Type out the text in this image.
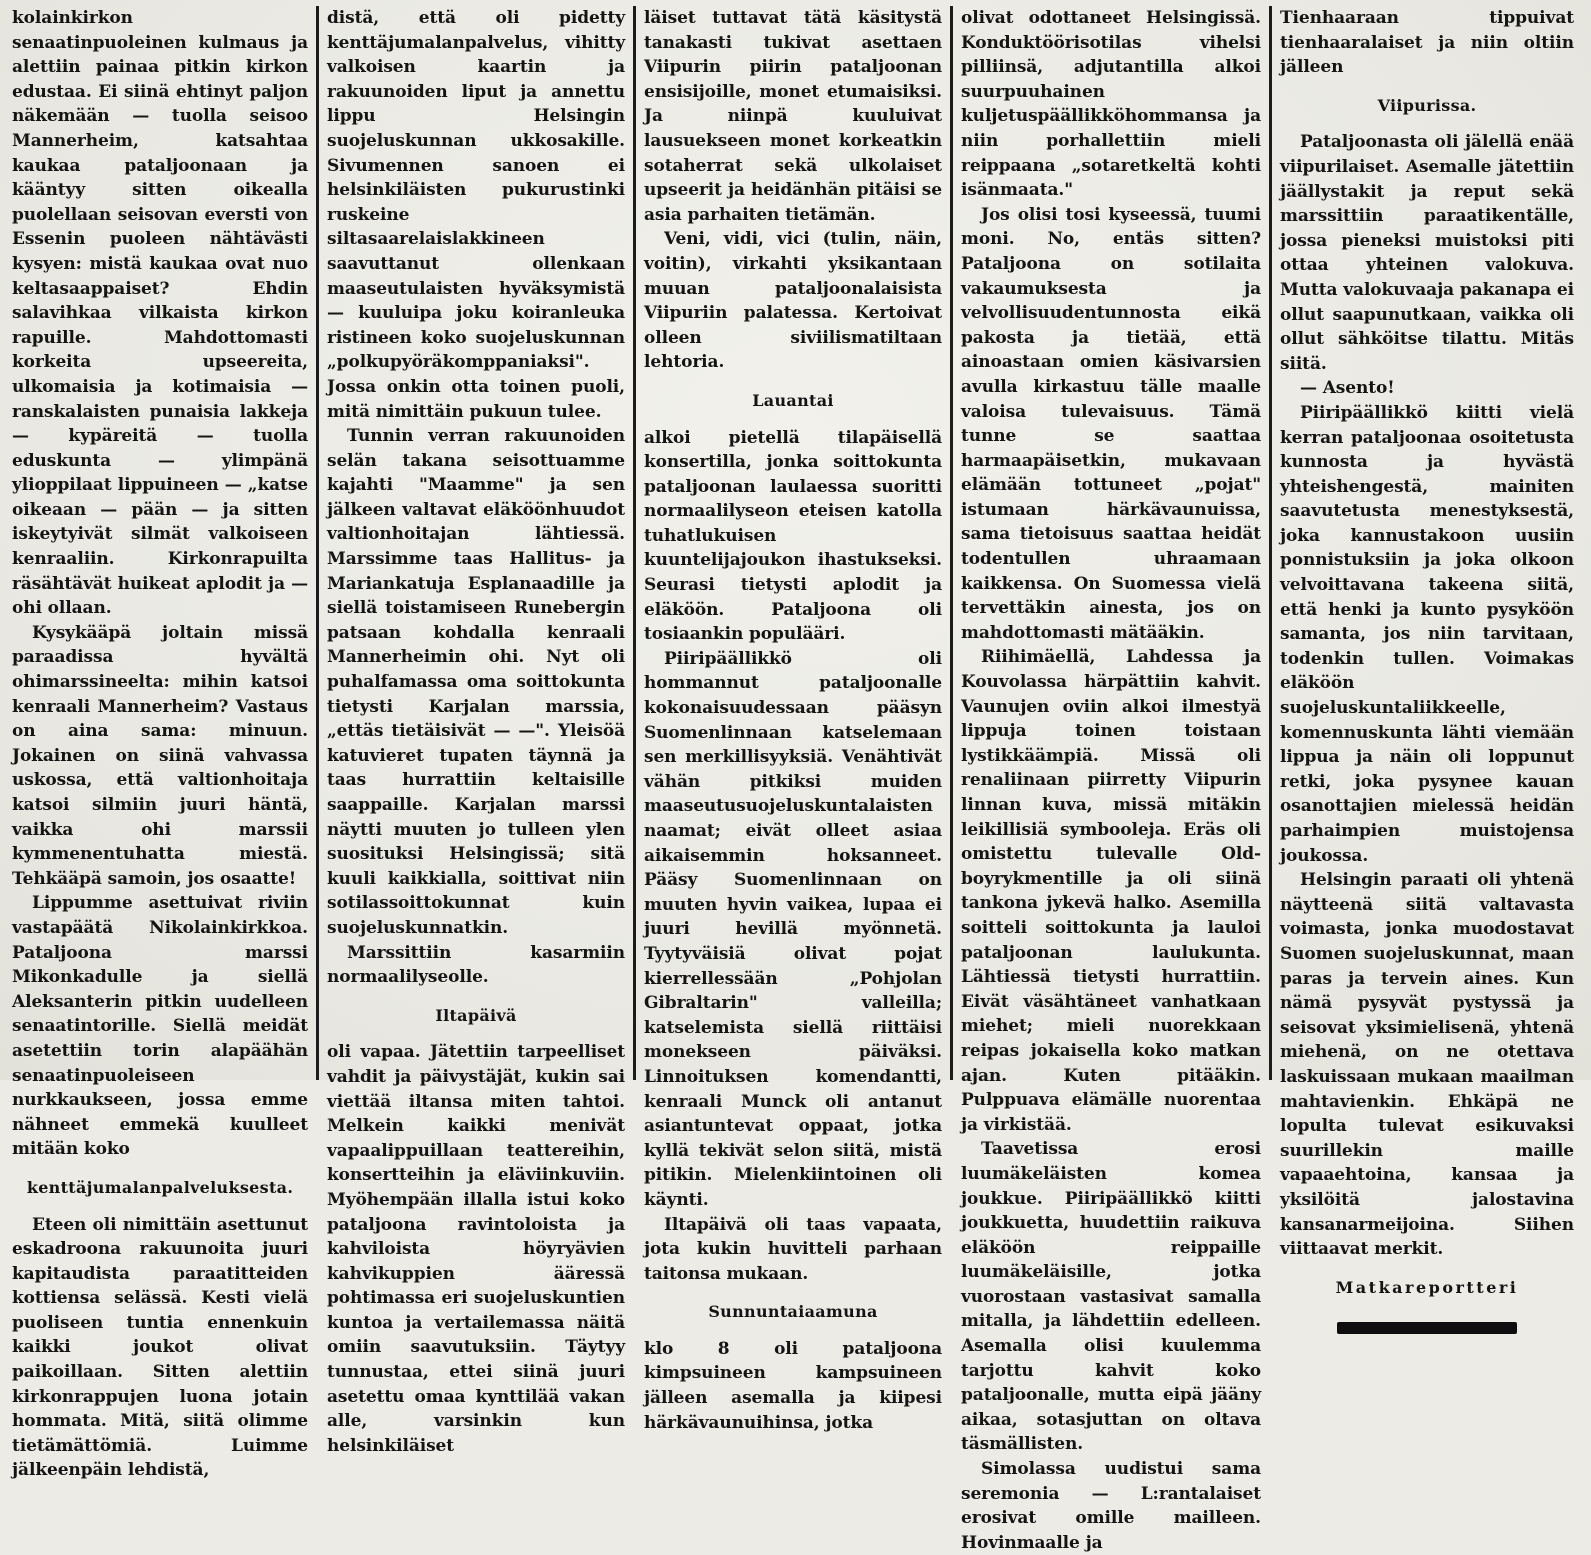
kolainkirkon senaatinpuoleinen kulmaus ja alettiin painaa pitkin kirkon edustaa. Ei siinä ehtinyt paljon näkemään — tuolla seisoo Mannerheim, katsahtaa kaukaa pataljoonaan ja kääntyy sitten oikealla puolellaan seisovan eversti von Essenin puoleen nähtävästi kysyen: mistä kaukaa ovat nuo keltasaappaiset? Ehdin salavihkaa vilkaista kirkon rapuille. Mahdottomasti korkeita upseereita, ulkomaisia ja kotimaisia — ranskalaisten punaisia lakkeja — kypäreitä — tuolla eduskunta — ylimpänä ylioppilaat lippuineen — „katse oikeaan — pään — ja sitten iskeytyivät silmät valkoiseen kenraaliin. Kirkonrapuilta räsähtävät huikeat aplodit ja — ohi ollaan.

Kysykääpä joltain missä paraadissa hyvältä ohimarssineelta: mihin katsoi kenraali Mannerheim? Vastaus on aina sama: minuun. Jokainen on siinä vahvassa uskossa, että valtionhoitaja katsoi silmiin juuri häntä, vaikka ohi marssii kymmenentuhatta miestä. Tehkääpä samoin, jos osaatte!

Lippumme asettuivat riviin vastapäätä Nikolainkirkkoa. Pataljoona marssi Mikonkadulle ja siellä Aleksanterin pitkin uudelleen senaatintorille. Siellä meidät asetettiin torin alapäähän senaatinpuoleiseen nurkkaukseen, jossa emme nähneet emmekä kuulleet mitään koko

kenttäjumalanpalveluksesta.

Eteen oli nimittäin asettunut eskadroona rakuunoita juuri kapitaudista paraatitteiden kottiensa selässä. Kesti vielä puoliseen tuntia ennenkuin kaikki joukot olivat paikoillaan. Sitten alettiin kirkonrappujen luona jotain hommata. Mitä, siitä olimme tietämättömiä. Luimme jälkeenpäin lehdistä,

distä, että oli pidetty kenttäjumalanpalvelus, vihitty valkoisen kaartin ja rakuunoiden liput ja annettu lippu Helsingin suojeluskunnan ukkosakille. Sivumennen sanoen ei helsinkiläisten pukurustinki ruskeine siltasaarelaislakkineen saavuttanut ollenkaan maaseutulaisten hyväksymistä — kuuluipa joku koiranleuka ristineen koko suojeluskunnan „polkupyöräkomppaniaksi". Jossa onkin otta toinen puoli, mitä nimittäin pukuun tulee.

Tunnin verran rakuunoiden selän takana seisottuamme kajahti "Maamme" ja sen jälkeen valtavat eläköönhuudot valtionhoitajan lähtiessä. Marssimme taas Hallitus- ja Mariankatuja Esplanaadille ja siellä toistamiseen Runebergin patsaan kohdalla kenraali Mannerheimin ohi. Nyt oli puhalfamassa oma soittokunta tietysti Karjalan marssia, „ettäs tietäisivät — —". Yleisöä katuvieret tupaten täynnä ja taas hurrattiin keltaisille saappaille. Karjalan marssi näytti muuten jo tulleen ylen suosituksi Helsingissä; sitä kuuli kaikkialla, soittivat niin sotilassoittokunnat kuin suojeluskunnatkin.

Marssittiin kasarmiin normaalilyseolle.

Iltapäivä

oli vapaa. Jätettiin tarpeelliset vahdit ja päivystäjät, kukin sai viettää iltansa miten tahtoi. Melkein kaikki menivät vapaalippuillaan teattereihin, konsertteihin ja eläviinkuviin. Myöhempään illalla istui koko pataljoona ravintoloista ja kahviloista höyryävien kahvikuppien ääressä pohtimassa eri suojeluskuntien kuntoa ja vertailemassa näitä omiin saavutuksiin. Täytyy tunnustaa, ettei siinä juuri asetettu omaa kynttilää vakan alle, varsinkin kun helsinkiläiset

läiset tuttavat tätä käsitystä tanakasti tukivat asettaen Viipurin piirin pataljoonan ensisijoille, monet etumaisiksi. Ja niinpä kuuluivat lausuekseen monet korkeatkin sotaherrat sekä ulkolaiset upseerit ja heidänhän pitäisi se asia parhaiten tietämän.

Veni, vidi, vici (tulin, näin, voitin), virkahti yksikantaan muuan pataljoonalaisista Viipuriin palatessa. Kertoivat olleen siviilismatiltaan lehtoria.

Lauantai

alkoi pietellä tilapäisellä konsertilla, jonka soittokunta pataljoonan laulaessa suoritti normaalilyseon eteisen katolla tuhatlukuisen kuuntelijajoukon ihastukseksi. Seurasi tietysti aplodit ja eläköön. Pataljoona oli tosiaankin populääri.

Piiripäällikkö oli hommannut pataljoonalle kokonaisuudessaan pääsyn Suomenlinnaan katselemaan sen merkillisyyksiä. Venähtivät vähän pitkiksi muiden maaseutusuojeluskuntalaisten naamat; eivät olleet asiaa aikaisemmin hoksanneet. Pääsy Suomenlinnaan on muuten hyvin vaikea, lupaa ei juuri hevillä myönnetä. Tyytyväisiä olivat pojat kierrellessään „Pohjolan Gibraltarin" valleilla; katselemista siellä riittäisi monekseen päiväksi. Linnoituksen komendantti, kenraali Munck oli antanut asiantuntevat oppaat, jotka kyllä tekivät selon siitä, mistä pitikin. Mielenkiintoinen oli käynti.

Iltapäivä oli taas vapaata, jota kukin huvitteli parhaan taitonsa mukaan.

Sunnuntaiaamuna

klo 8 oli pataljoona kimpsuineen kampsuineen jälleen asemalla ja kiipesi härkävaunuihinsa, jotka

olivat odottaneet Helsingissä. Konduktöörisotilas vihelsi pilliinsä, adjutantilla alkoi suurpuuhainen kuljetuspäällikköhommansa ja niin porhallettiin mieli reippaana „sotaretkeltä kohti isänmaata."

Jos olisi tosi kyseessä, tuumi moni. No, entäs sitten? Pataljoona on sotilaita vakaumuksesta ja velvollisuudentunnosta eikä pakosta ja tietää, että ainoastaan omien käsivarsien avulla kirkastuu tälle maalle valoisa tulevaisuus. Tämä tunne se saattaa harmaapäisetkin, mukavaan elämään tottuneet „pojat" istumaan härkävaunuissa, sama tietoisuus saattaa heidät todentullen uhraamaan kaikkensa. On Suomessa vielä tervettäkin ainesta, jos on mahdottomasti mätääkin.

Riihimäellä, Lahdessa ja Kouvolassa härpättiin kahvit. Vaunujen oviin alkoi ilmestyä lippuja toinen toistaan lystikkäämpiä. Missä oli renaliinaan piirretty Viipurin linnan kuva, missä mitäkin leikillisiä symbooleja. Eräs oli omistettu tulevalle Old-boyrykmentille ja oli siinä tankona jykevä halko. Asemilla soitteli soittokunta ja lauloi pataljoonan laulukunta. Lähtiessä tietysti hurrattiin. Eivät väsähtäneet vanhatkaan miehet; mieli nuorekkaan reipas jokaisella koko matkan ajan. Kuten pitääkin. Pulppuava elämälle nuorentaa ja virkistää.

Taavetissa erosi luumäkeläisten komea joukkue. Piiripäällikkö kiitti joukkuetta, huudettiin raikuva eläköön reippaille luumäkeläisille, jotka vuorostaan vastasivat samalla mitalla, ja lähdettiin edelleen. Asemalla olisi kuulemma tarjottu kahvit koko pataljoonalle, mutta eipä jääny aikaa, sotasjuttan on oltava täsmällisten.

Simolassa uudistui sama seremonia — L:rantalaiset erosivat omille mailleen. Hovinmaalle ja

Tienhaaraan tippuivat tienhaaralaiset ja niin oltiin jälleen

Viipurissa.

Pataljoonasta oli jälellä enää viipurilaiset. Asemalle jätettiin jäällystakit ja reput sekä marssittiin paraatikentälle, jossa pieneksi muistoksi piti ottaa yhteinen valokuva. Mutta valokuvaaja pakanapa ei ollut saapunutkaan, vaikka oli ollut sähköitse tilattu. Mitäs siitä.

— Asento!

Piiripäällikkö kiitti vielä kerran pataljoonaa osoitetusta kunnosta ja hyvästä yhteishengestä, mainiten saavutetusta menestyksestä, joka kannustakoon uusiin ponnistuksiin ja joka olkoon velvoittavana takeena siitä, että henki ja kunto pysyköön samanta, jos niin tarvitaan, todenkin tullen. Voimakas eläköön suojeluskuntaliikkeelle, komennuskunta lähti viemään lippua ja näin oli loppunut retki, joka pysynee kauan osanottajien mielessä heidän parhaimpien muistojensa joukossa.

Helsingin paraati oli yhtenä näytteenä siitä valtavasta voimasta, jonka muodostavat Suomen suojeluskunnat, maan paras ja tervein aines. Kun nämä pysyvät pystyssä ja seisovat yksimielisenä, yhtenä miehenä, on ne otettava laskuissaan mukaan maailman mahtavienkin. Ehkäpä ne lopulta tulevat esikuvaksi suurillekin maille vapaaehtoina, kansaa ja yksilöitä jalostavina kansanarmeijoina. Siihen viittaavat merkit.

Matkareportteri
